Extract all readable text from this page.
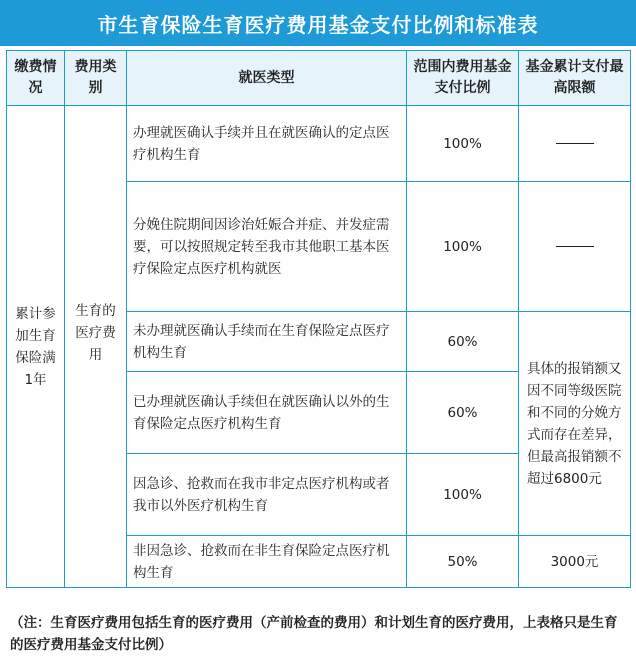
市生育保险生育医疗费用基金支付比例和标准表
缴费情况	费用类别	就医类型	范围内费用基金支付比例	基金累计支付最高限额
累计参加生育保险满1年	生育的医疗费用	办理就医确认手续并且在就医确认的定点医疗机构生育	100%	
		分娩住院期间因诊治妊娠合并症、并发症需要，可以按照规定转至我市其他职工基本医疗保险定点医疗机构就医	100%	
		未办理就医确认手续而在生育保险定点医疗机构生育	60%	具体的报销额又因不同等级医院和不同的分娩方式而存在差异，但最高报销额不超过6800元
		已办理就医确认手续但在就医确认以外的生育保险定点医疗机构生育	60%	
		因急诊、抢救而在我市非定点医疗机构或者我市以外医疗机构生育	100%	
		非因急诊、抢救而在非生育保险定点医疗机构生育	50%	3000元
（注：生育医疗费用包括生育的医疗费用（产前检查的费用）和计划生育的医疗费用，上表格只是生育的医疗费用基金支付比例）
